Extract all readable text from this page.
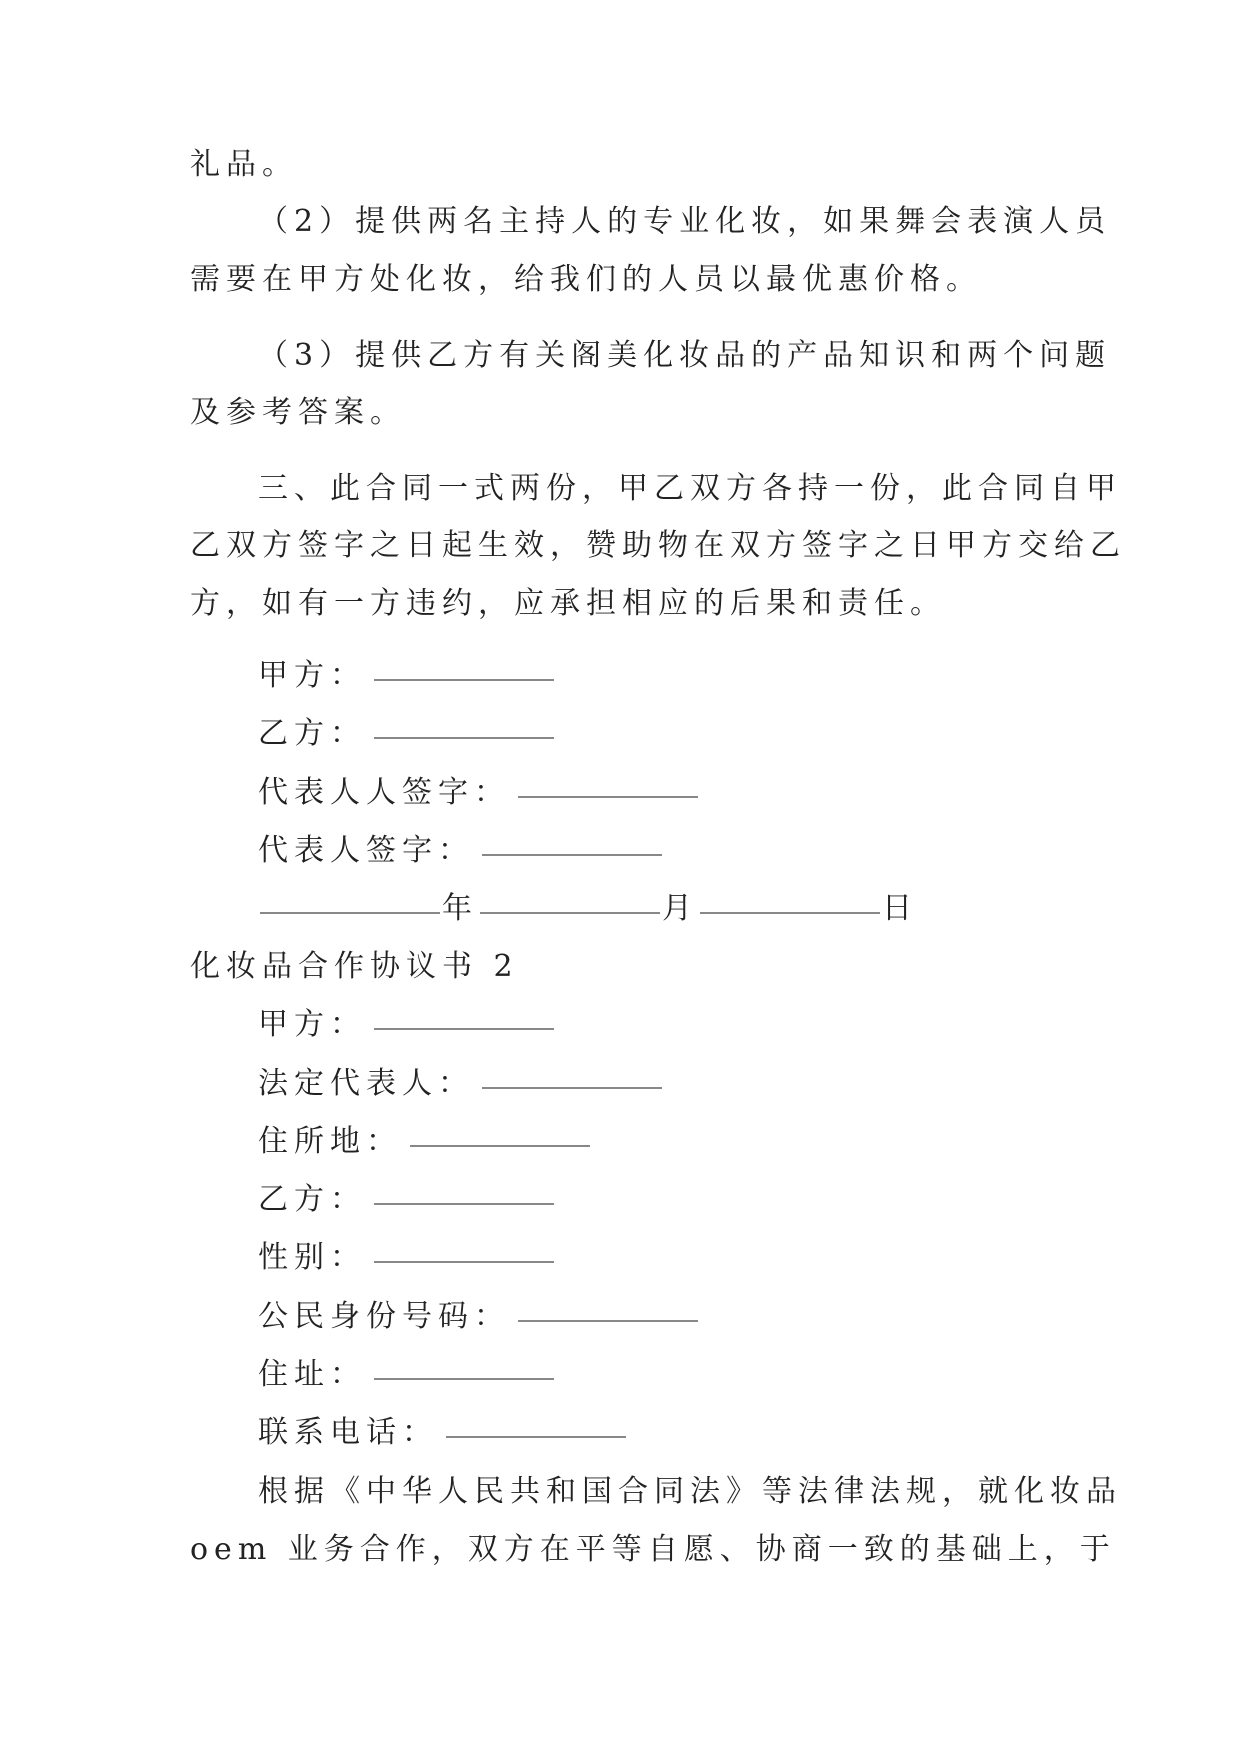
礼品。
（2）提供两名主持人的专业化妆，如果舞会表演人员
需要在甲方处化妆，给我们的人员以最优惠价格。
（3）提供乙方有关阁美化妆品的产品知识和两个问题
及参考答案。
三、此合同一式两份，甲乙双方各持一份，此合同自甲
乙双方签字之日起生效，赞助物在双方签字之日甲方交给乙
方，如有一方违约，应承担相应的后果和责任。
甲方：
乙方：
代表人人签字：
代表人签字：
年	月	日
化妆品合作协议书 2
甲方：
法定代表人：
住所地：
乙方：
性别：
公民身份号码：
住址：
联系电话：
根据《中华人民共和国合同法》等法律法规，就化妆品
oem 业务合作，双方在平等自愿、协商一致的基础上，于
